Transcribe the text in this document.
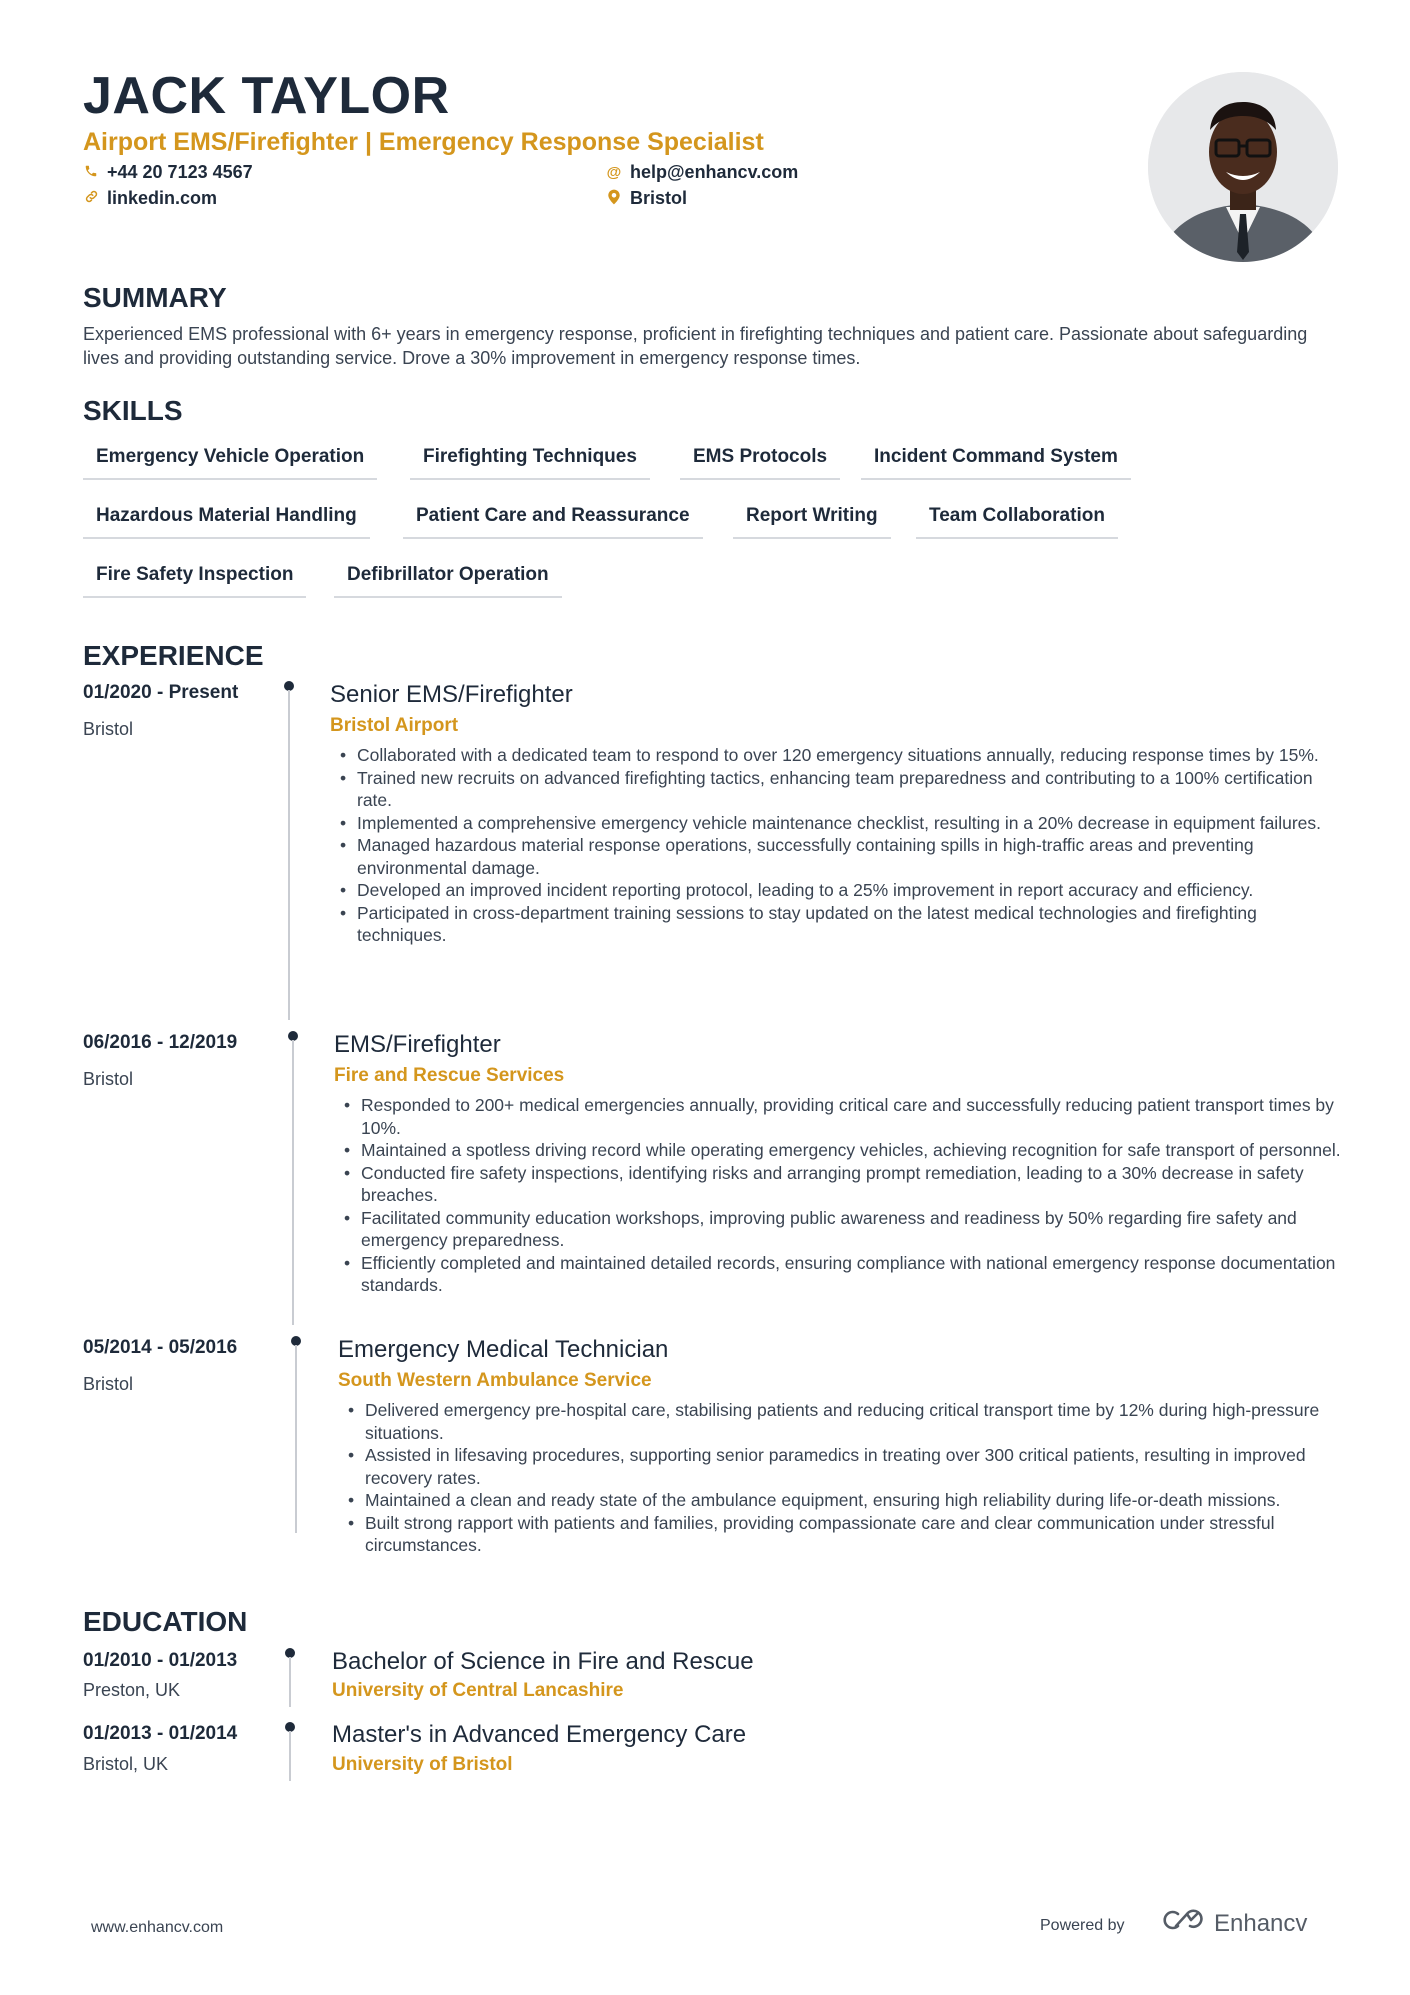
JACK TAYLOR
Airport EMS/Firefighter | Emergency Response Specialist
+44 20 7123 4567	@ help@enhancv.com
linkedin.com	Bristol
SUMMARY

Experienced EMS professional with 6+ years in emergency response, proficient in firefighting techniques and patient care. Passionate about safeguarding lives and providing outstanding service. Drove a 30% improvement in emergency response times.

SKILLS
Emergency Vehicle Operation	Firefighting Techniques	EMS Protocols	Incident Command System
Hazardous Material Handling	Patient Care and Reassurance	Report Writing	Team Collaboration
Fire Safety Inspection	Defibrillator Operation
EXPERIENCE
01/2020 - Present
Bristol
Senior EMS/Firefighter
Bristol Airport
• Collaborated with a dedicated team to respond to over 120 emergency situations annually, reducing response times by 15%.
• Trained new recruits on advanced firefighting tactics, enhancing team preparedness and contributing to a 100% certification rate.
• Implemented a comprehensive emergency vehicle maintenance checklist, resulting in a 20% decrease in equipment failures.
• Managed hazardous material response operations, successfully containing spills in high-traffic areas and preventing environmental damage.
• Developed an improved incident reporting protocol, leading to a 25% improvement in report accuracy and efficiency.
• Participated in cross-department training sessions to stay updated on the latest medical technologies and firefighting techniques.
06/2016 - 12/2019
Bristol
EMS/Firefighter
Fire and Rescue Services
• Responded to 200+ medical emergencies annually, providing critical care and successfully reducing patient transport times by 10%.
• Maintained a spotless driving record while operating emergency vehicles, achieving recognition for safe transport of personnel.
• Conducted fire safety inspections, identifying risks and arranging prompt remediation, leading to a 30% decrease in safety breaches.
• Facilitated community education workshops, improving public awareness and readiness by 50% regarding fire safety and emergency preparedness.
• Efficiently completed and maintained detailed records, ensuring compliance with national emergency response documentation standards.
05/2014 - 05/2016
Bristol
Emergency Medical Technician
South Western Ambulance Service
• Delivered emergency pre-hospital care, stabilising patients and reducing critical transport time by 12% during high-pressure situations.
• Assisted in lifesaving procedures, supporting senior paramedics in treating over 300 critical patients, resulting in improved recovery rates.
• Maintained a clean and ready state of the ambulance equipment, ensuring high reliability during life-or-death missions.
• Built strong rapport with patients and families, providing compassionate care and clear communication under stressful circumstances.
EDUCATION
01/2010 - 01/2013
Preston, UK
Bachelor of Science in Fire and Rescue
University of Central Lancashire
01/2013 - 01/2014
Bristol, UK
Master's in Advanced Emergency Care
University of Bristol
www.enhancv.com	Powered by	Enhancv
